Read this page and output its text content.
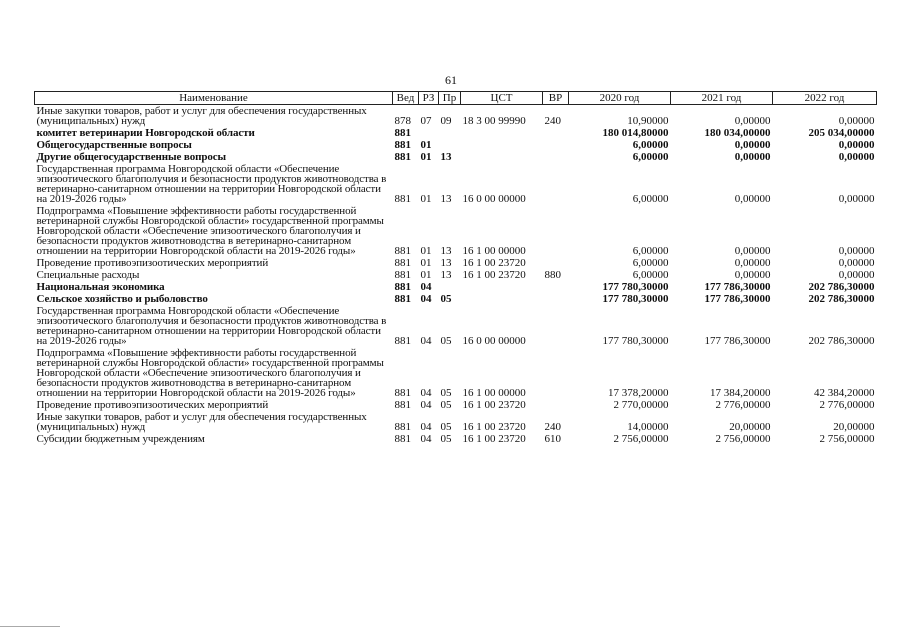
61
Наименование	Вед	РЗ	Пр	ЦСТ	ВР	2020 год	2021 год	2022 год
Иные закупки товаров, работ и услуг для обеспечения государственных (муниципальных) нужд	878	07	09	18 3 00 99990	240	10,90000	0,00000	0,00000
комитет ветеринарии Новгородской области	881					180 014,80000	180 034,00000	205 034,00000
Общегосударственные вопросы	881	01				6,00000	0,00000	0,00000
Другие общегосударственные вопросы	881	01	13			6,00000	0,00000	0,00000
Государственная программа Новгородской области «Обеспечение эпизоотического благополучия и безопасности продуктов животноводства в ветеринарно-санитарном отношении на территории Новгородской области на 2019-2026 годы»	881	01	13	16 0 00 00000		6,00000	0,00000	0,00000
Подпрограмма «Повышение эффективности работы государственной ветеринарной службы Новгородской области» государственной программы Новгородской области «Обеспечение эпизоотического благополучия и безопасности продуктов животноводства в ветеринарно-санитарном отношении на территории Новгородской области на 2019-2026 годы»	881	01	13	16 1 00 00000		6,00000	0,00000	0,00000
Проведение противоэпизоотических мероприятий	881	01	13	16 1 00 23720		6,00000	0,00000	0,00000
Специальные расходы	881	01	13	16 1 00 23720	880	6,00000	0,00000	0,00000
Национальная экономика	881	04				177 780,30000	177 786,30000	202 786,30000
Сельское хозяйство и рыболовство	881	04	05			177 780,30000	177 786,30000	202 786,30000
Государственная программа Новгородской области «Обеспечение эпизоотического благополучия и безопасности продуктов животноводства в ветеринарно-санитарном отношении на территории Новгородской области на 2019-2026 годы»	881	04	05	16 0 00 00000		177 780,30000	177 786,30000	202 786,30000
Подпрограмма «Повышение эффективности работы государственной ветеринарной службы Новгородской области» государственной программы Новгородской области «Обеспечение эпизоотического благополучия и безопасности продуктов животноводства в ветеринарно-санитарном отношении на территории Новгородской области на 2019-2026 годы»	881	04	05	16 1 00 00000		17 378,20000	17 384,20000	42 384,20000
Проведение противоэпизоотических мероприятий	881	04	05	16 1 00 23720		2 770,00000	2 776,00000	2 776,00000
Иные закупки товаров, работ и услуг для обеспечения государственных (муниципальных) нужд	881	04	05	16 1 00 23720	240	14,00000	20,00000	20,00000
Субсидии бюджетным учреждениям	881	04	05	16 1 00 23720	610	2 756,00000	2 756,00000	2 756,00000
